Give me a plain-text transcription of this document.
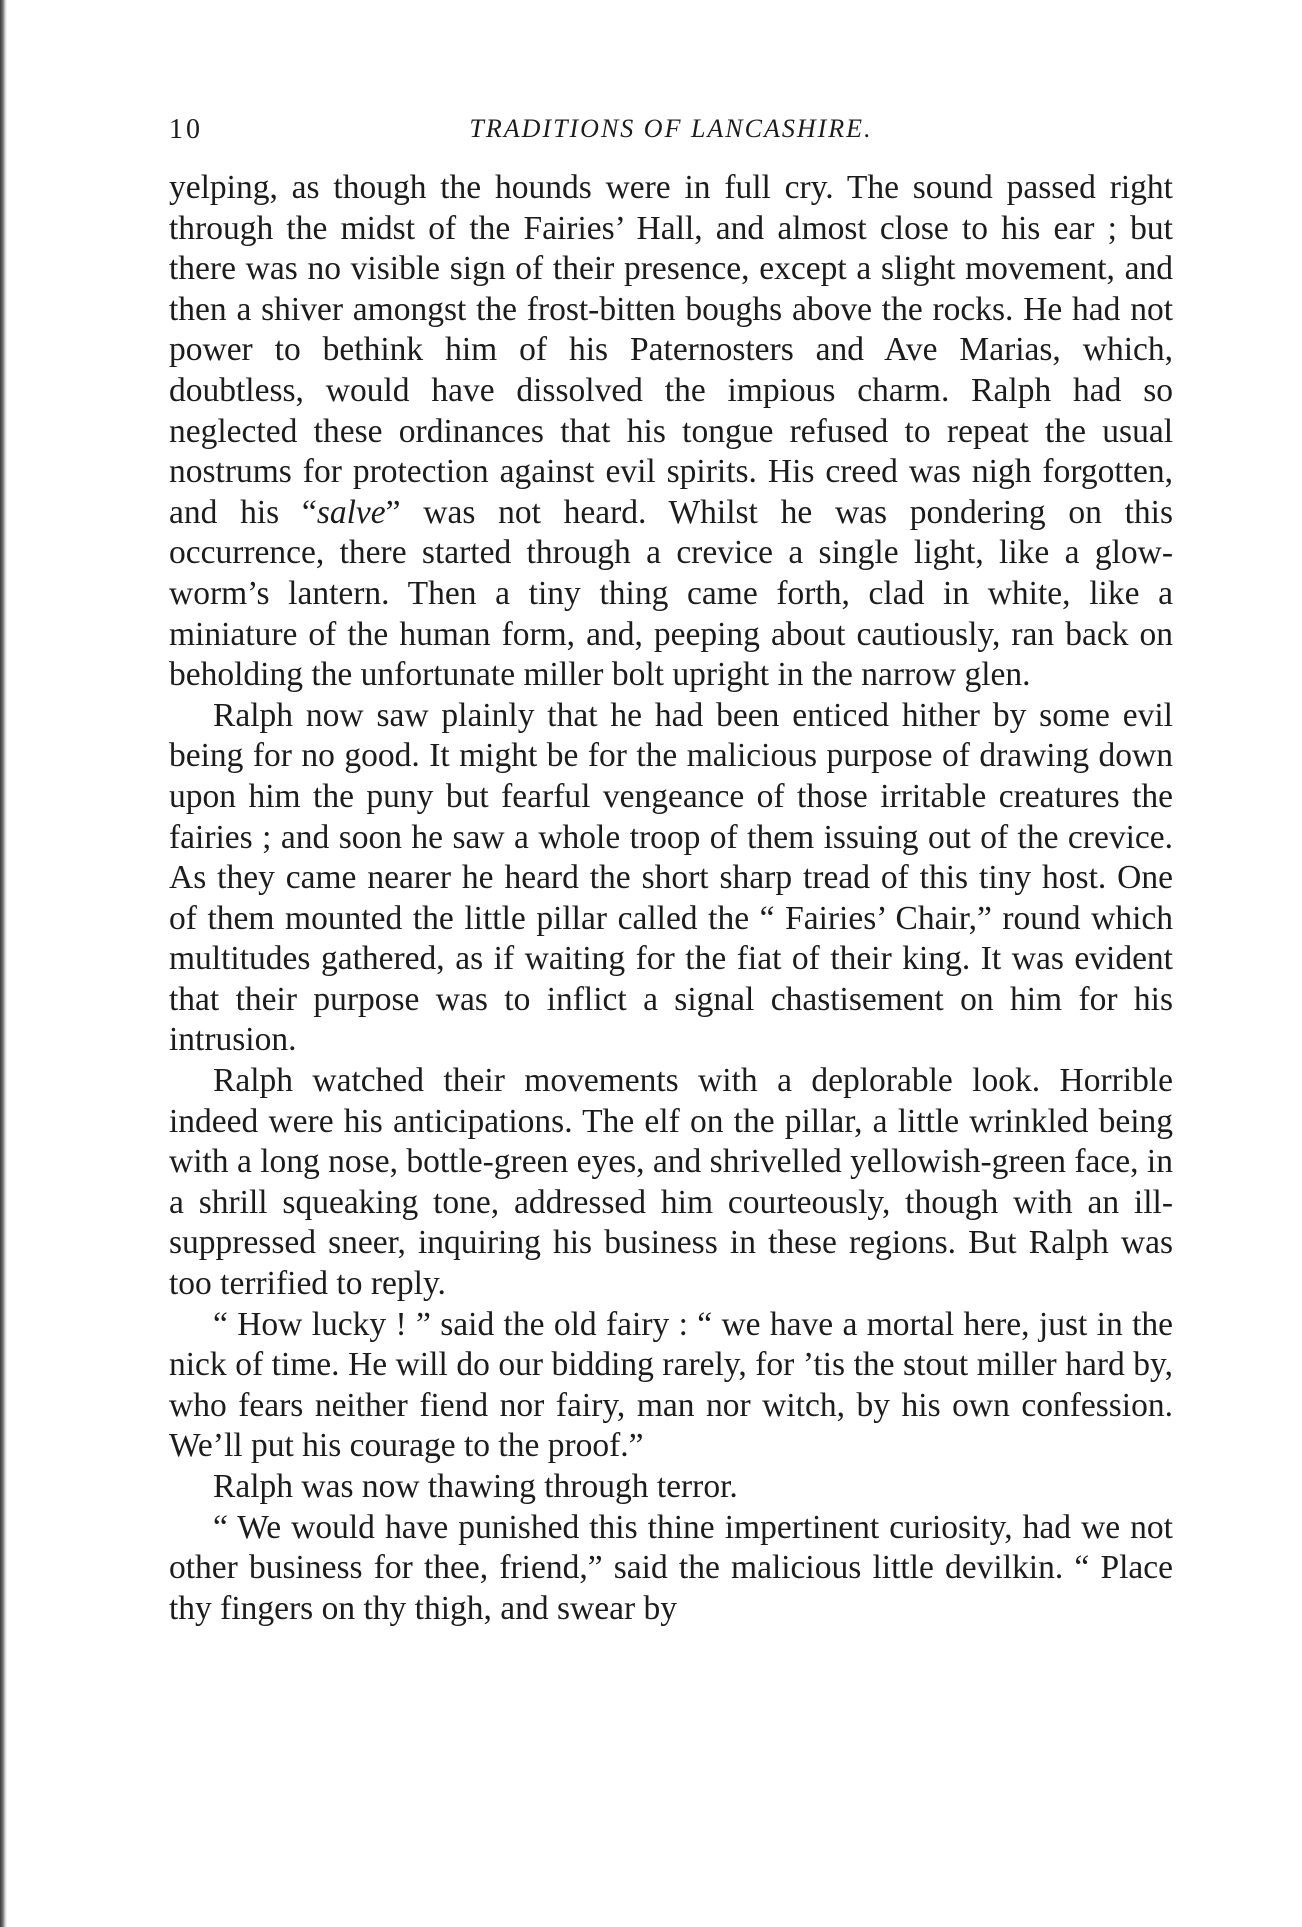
10	TRADITIONS OF LANCASHIRE.

yelping, as though the hounds were in full cry. The sound passed right through the midst of the Fairies’ Hall, and almost close to his ear ; but there was no visible sign of their presence, except a slight movement, and then a shiver amongst the frost-bitten boughs above the rocks. He had not power to bethink him of his Paternosters and Ave Marias, which, doubtless, would have dissolved the impious charm. Ralph had so neglected these ordinances that his tongue refused to repeat the usual nostrums for protection against evil spirits. His creed was nigh forgotten, and his “salve” was not heard. Whilst he was pondering on this occurrence, there started through a crevice a single light, like a glow-worm’s lantern. Then a tiny thing came forth, clad in white, like a miniature of the human form, and, peeping about cautiously, ran back on beholding the unfortunate miller bolt upright in the narrow glen.

Ralph now saw plainly that he had been enticed hither by some evil being for no good. It might be for the malicious purpose of drawing down upon him the puny but fearful vengeance of those irritable creatures the fairies ; and soon he saw a whole troop of them issuing out of the crevice. As they came nearer he heard the short sharp tread of this tiny host. One of them mounted the little pillar called the “ Fairies’ Chair,” round which multitudes gathered, as if waiting for the fiat of their king. It was evident that their purpose was to inflict a signal chastisement on him for his intrusion.

Ralph watched their movements with a deplorable look. Horrible indeed were his anticipations. The elf on the pillar, a little wrinkled being with a long nose, bottle-green eyes, and shrivelled yellowish-green face, in a shrill squeaking tone, addressed him courteously, though with an ill-suppressed sneer, inquiring his business in these regions. But Ralph was too terrified to reply.

“ How lucky ! ” said the old fairy : “ we have a mortal here, just in the nick of time. He will do our bidding rarely, for ’tis the stout miller hard by, who fears neither fiend nor fairy, man nor witch, by his own confession. We’ll put his courage to the proof.”

Ralph was now thawing through terror.

“ We would have punished this thine impertinent curiosity, had we not other business for thee, friend,” said the malicious little devilkin. “ Place thy fingers on thy thigh, and swear by
